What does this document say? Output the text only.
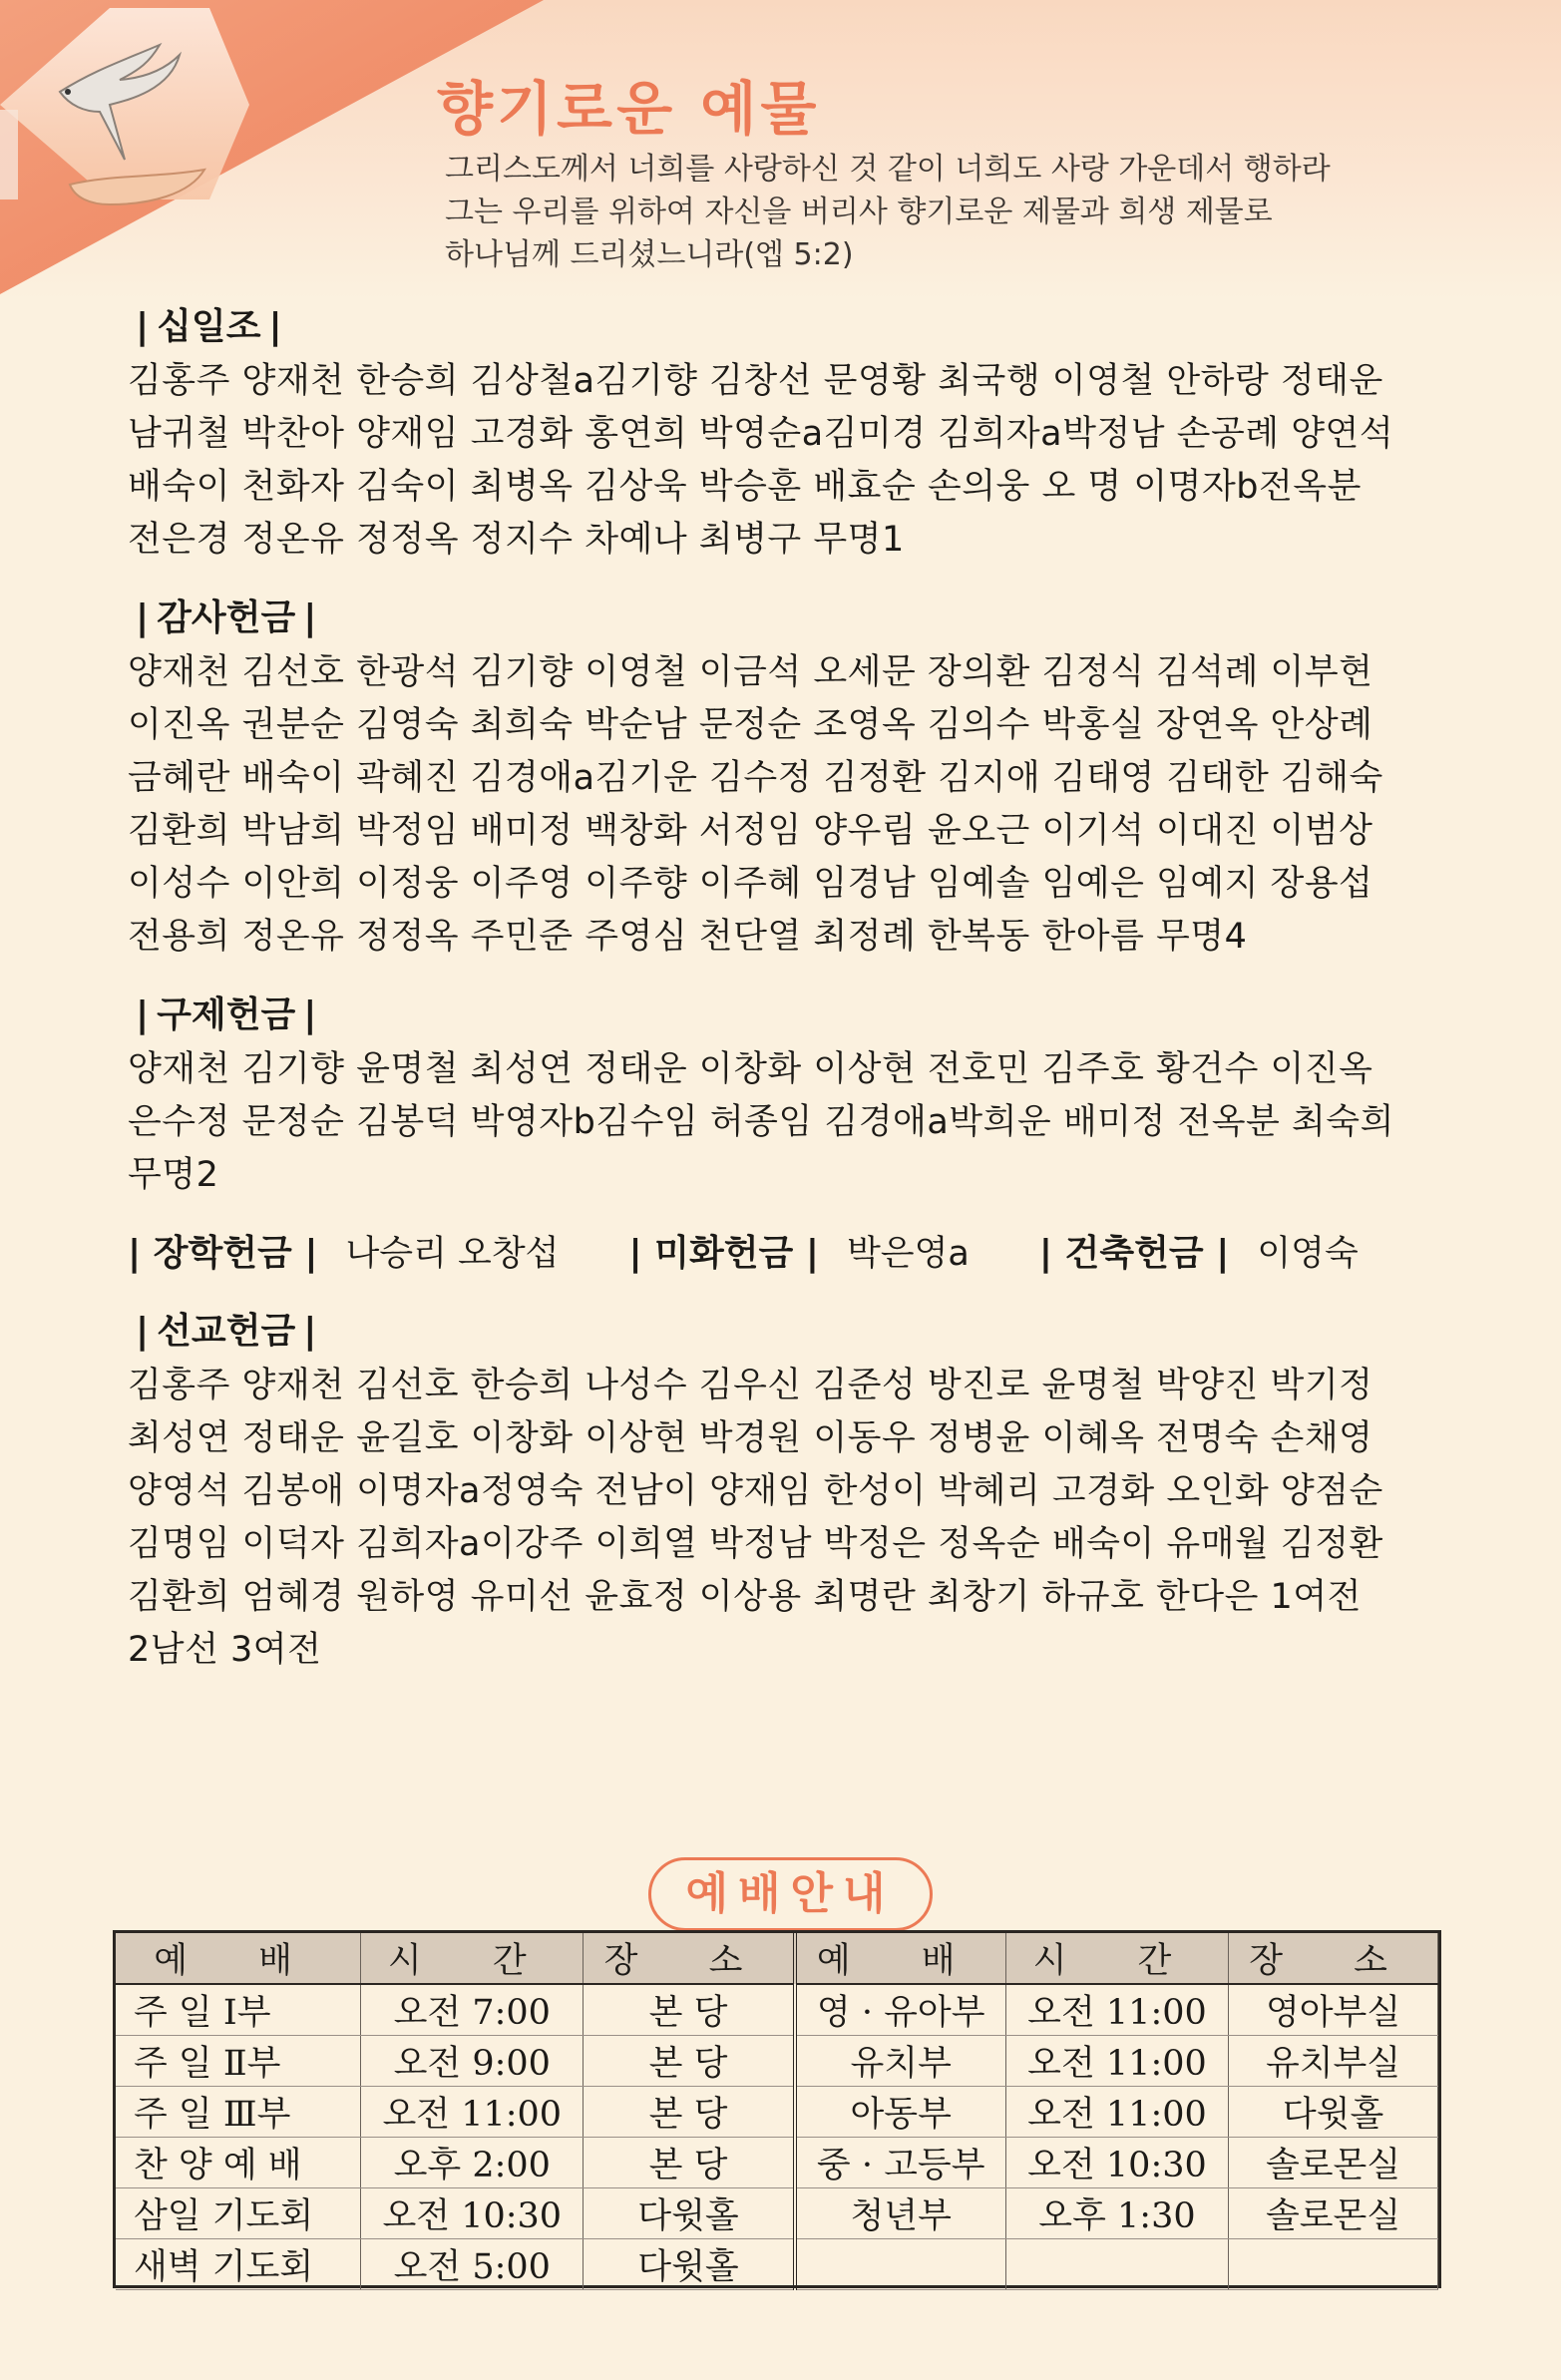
향기로운 예물
그리스도께서 너희를 사랑하신 것 같이 너희도 사랑 가운데서 행하라
그는 우리를 위하여 자신을 버리사 향기로운 제물과 희생 제물로
하나님께 드리셨느니라(엡 5:2)
| 십일조 |
김홍주 양재천 한승희 김상철a김기향 김창선 문영황 최국행 이영철 안하랑 정태운
남귀철 박찬아 양재임 고경화 홍연희 박영순a김미경 김희자a박정남 손공례 양연석
배숙이 천화자 김숙이 최병옥 김상욱 박승훈 배효순 손의웅 오 명 이명자b전옥분
전은경 정온유 정정옥 정지수 차예나 최병구 무명1
| 감사헌금 |
양재천 김선호 한광석 김기향 이영철 이금석 오세문 장의환 김정식 김석례 이부현
이진옥 권분순 김영숙 최희숙 박순남 문정순 조영옥 김의수 박홍실 장연옥 안상례
금혜란 배숙이 곽혜진 김경애a김기운 김수정 김정환 김지애 김태영 김태한 김해숙
김환희 박남희 박정임 배미정 백창화 서정임 양우림 윤오근 이기석 이대진 이범상
이성수 이안희 이정웅 이주영 이주향 이주혜 임경남 임예솔 임예은 임예지 장용섭
전용희 정온유 정정옥 주민준 주영심 천단열 최정례 한복동 한아름 무명4
| 구제헌금 |
양재천 김기향 윤명철 최성연 정태운 이창화 이상현 전호민 김주호 황건수 이진옥
은수정 문정순 김봉덕 박영자b김수임 허종임 김경애a박희운 배미정 전옥분 최숙희
무명2
| 장학헌금 | 나승리 오창섭 | 미화헌금 | 박은영a | 건축헌금 | 이영숙
| 선교헌금 |
김홍주 양재천 김선호 한승희 나성수 김우신 김준성 방진로 윤명철 박양진 박기정
최성연 정태운 윤길호 이창화 이상현 박경원 이동우 정병윤 이혜옥 전명숙 손채영
양영석 김봉애 이명자a정영숙 전남이 양재임 한성이 박혜리 고경화 오인화 양점순
김명임 이덕자 김희자a이강주 이희열 박정남 박정은 정옥순 배숙이 유매월 김정환
김환희 엄혜경 원하영 유미선 윤효정 이상용 최명란 최창기 하규호 한다은 1여전
2남선 3여전
예배안내
예 배	시 간	장 소	예 배	시 간	장 소
주 일 Ⅰ부	오전 7:00	본 당	영 · 유아부	오전 11:00	영아부실
주 일 Ⅱ부	오전 9:00	본 당	유치부	오전 11:00	유치부실
주 일 Ⅲ부	오전 11:00	본 당	아동부	오전 11:00	다윗홀
찬 양 예 배	오후 2:00	본 당	중 · 고등부	오전 10:30	솔로몬실
삼일 기도회	오전 10:30	다윗홀	청년부	오후 1:30	솔로몬실
새벽 기도회	오전 5:00	다윗홀			
